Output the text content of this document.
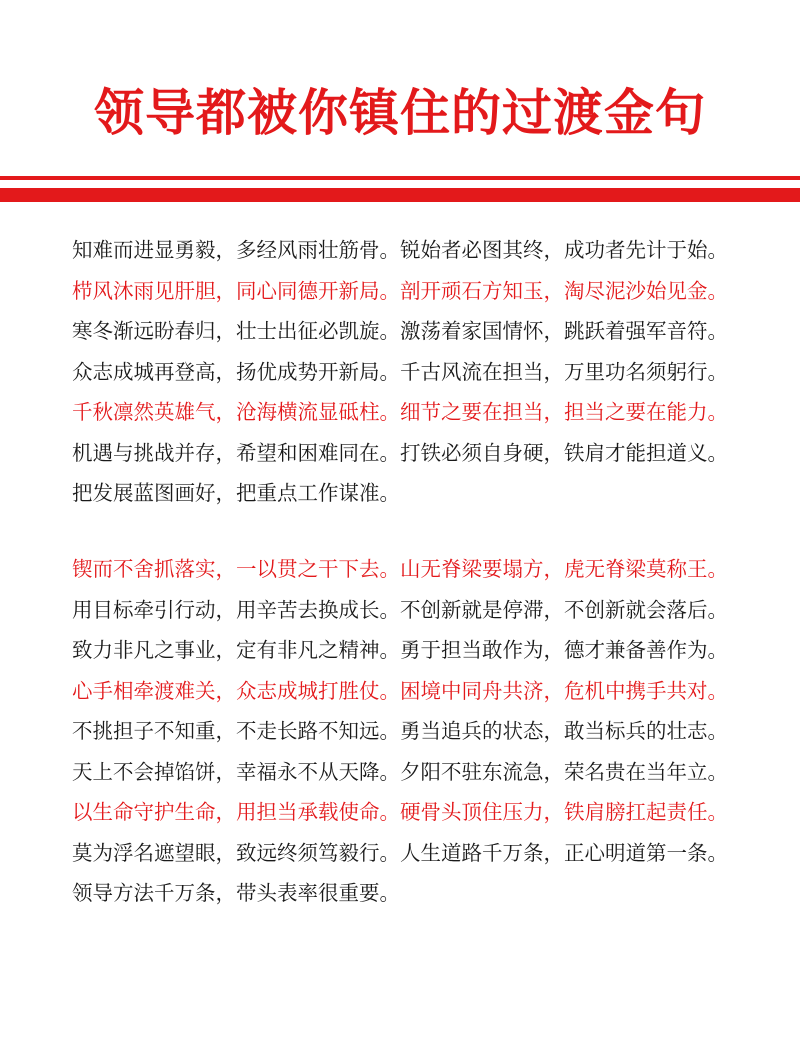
领导都被你镇住的过渡金句
知难而进显勇毅，多经风雨壮筋骨。锐始者必图其终，成功者先计于始。
栉风沐雨见肝胆，同心同德开新局。剖开顽石方知玉，淘尽泥沙始见金。
寒冬渐远盼春归，壮士出征必凯旋。激荡着家国情怀，跳跃着强军音符。
众志成城再登高，扬优成势开新局。千古风流在担当，万里功名须躬行。
千秋凛然英雄气，沧海横流显砥柱。细节之要在担当，担当之要在能力。
机遇与挑战并存，希望和困难同在。打铁必须自身硬，铁肩才能担道义。
把发展蓝图画好，把重点工作谋准。
锲而不舍抓落实，一以贯之干下去。山无脊梁要塌方，虎无脊梁莫称王。
用目标牵引行动，用辛苦去换成长。不创新就是停滞，不创新就会落后。
致力非凡之事业，定有非凡之精神。勇于担当敢作为，德才兼备善作为。
心手相牵渡难关，众志成城打胜仗。困境中同舟共济，危机中携手共对。
不挑担子不知重，不走长路不知远。勇当追兵的状态，敢当标兵的壮志。
天上不会掉馅饼，幸福永不从天降。夕阳不驻东流急，荣名贵在当年立。
以生命守护生命，用担当承载使命。硬骨头顶住压力，铁肩膀扛起责任。
莫为浮名遮望眼，致远终须笃毅行。人生道路千万条，正心明道第一条。
领导方法千万条，带头表率很重要。
